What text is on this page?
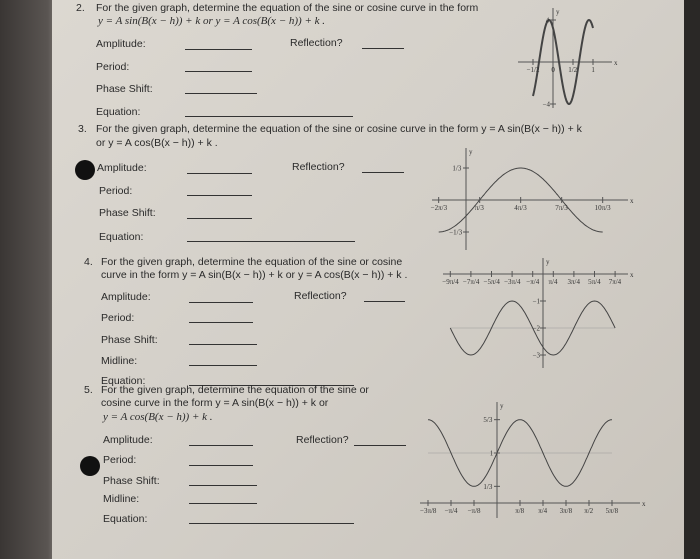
2. For the given graph, determine the equation of the sine or cosine curve in the form
y = A sin(B(x − h)) + k or y = A cos(B(x − h)) + k .
Amplitude:	Reflection?
Period:
Phase Shift:
Equation:
3. For the given graph, determine the equation of the sine or cosine curve in the form y = A sin(B(x − h)) + k
or y = A cos(B(x − h)) + k .
Amplitude:	Reflection?
Period:
Phase Shift:
Equation:
4. For the given graph, determine the equation of the sine or cosine
curve in the form y = A sin(B(x − h)) + k or y = A cos(B(x − h)) + k .
Amplitude:	Reflection?
Period:
Phase Shift:
Midline:
Equation:
5. For the given graph, determine the equation of the sine or
cosine curve in the form y = A sin(B(x − h)) + k or
y = A cos(B(x − h)) + k .
Amplitude:	Reflection?
Period:
Phase Shift:
Midline:
Equation:
x
y
−1/2 0 1/2 1
4
−4
x
y
−2π/3	π/3	4π/3	7π/3	10π/3
1/3
−1/3
x
y
−9π/4 −7π/4 −5π/4 −3π/4 −π/4 π/4 3π/4 5π/4 7π/4
−1
−2
−3
x
y
−3π/8 −π/4 −π/8	π/8 π/4 3π/8 π/2 5π/8
5/3
1
1/3
